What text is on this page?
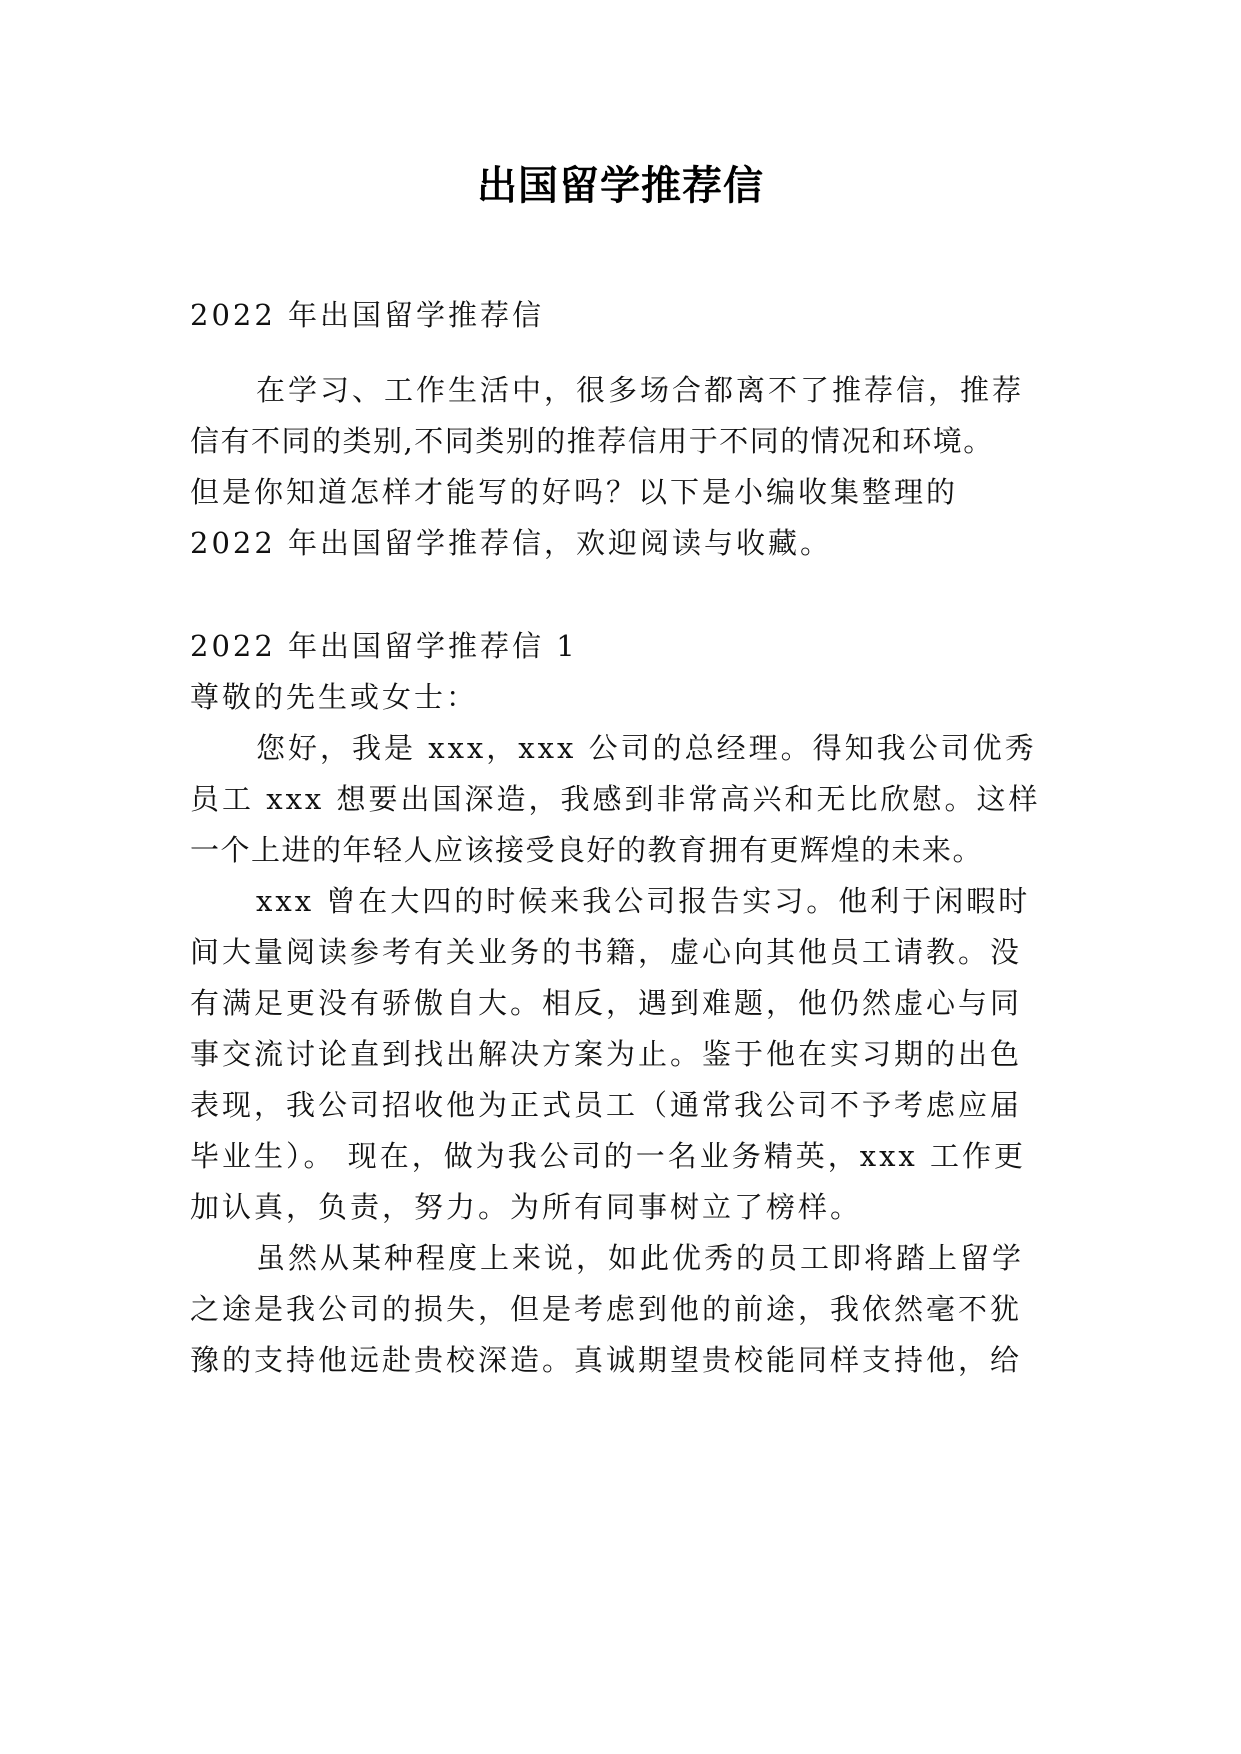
出国留学推荐信
2022 年出国留学推荐信
在学习、工作生活中，很多场合都离不了推荐信，推荐
信有不同的类别,不同类别的推荐信用于不同的情况和环境。
但是你知道怎样才能写的好吗？以下是小编收集整理的
2022 年出国留学推荐信，欢迎阅读与收藏。
2022 年出国留学推荐信 1
尊敬的先生或女士：
您好，我是 xxx，xxx 公司的总经理。得知我公司优秀
员工 xxx 想要出国深造，我感到非常高兴和无比欣慰。这样
一个上进的年轻人应该接受良好的教育拥有更辉煌的未来。
xxx 曾在大四的时候来我公司报告实习。他利于闲暇时
间大量阅读参考有关业务的书籍，虚心向其他员工请教。没
有满足更没有骄傲自大。相反，遇到难题，他仍然虚心与同
事交流讨论直到找出解决方案为止。鉴于他在实习期的出色
表现，我公司招收他为正式员工（通常我公司不予考虑应届
毕业生）。 现在，做为我公司的一名业务精英，xxx 工作更
加认真，负责，努力。为所有同事树立了榜样。
虽然从某种程度上来说，如此优秀的员工即将踏上留学
之途是我公司的损失，但是考虑到他的前途，我依然毫不犹
豫的支持他远赴贵校深造。真诚期望贵校能同样支持他，给
